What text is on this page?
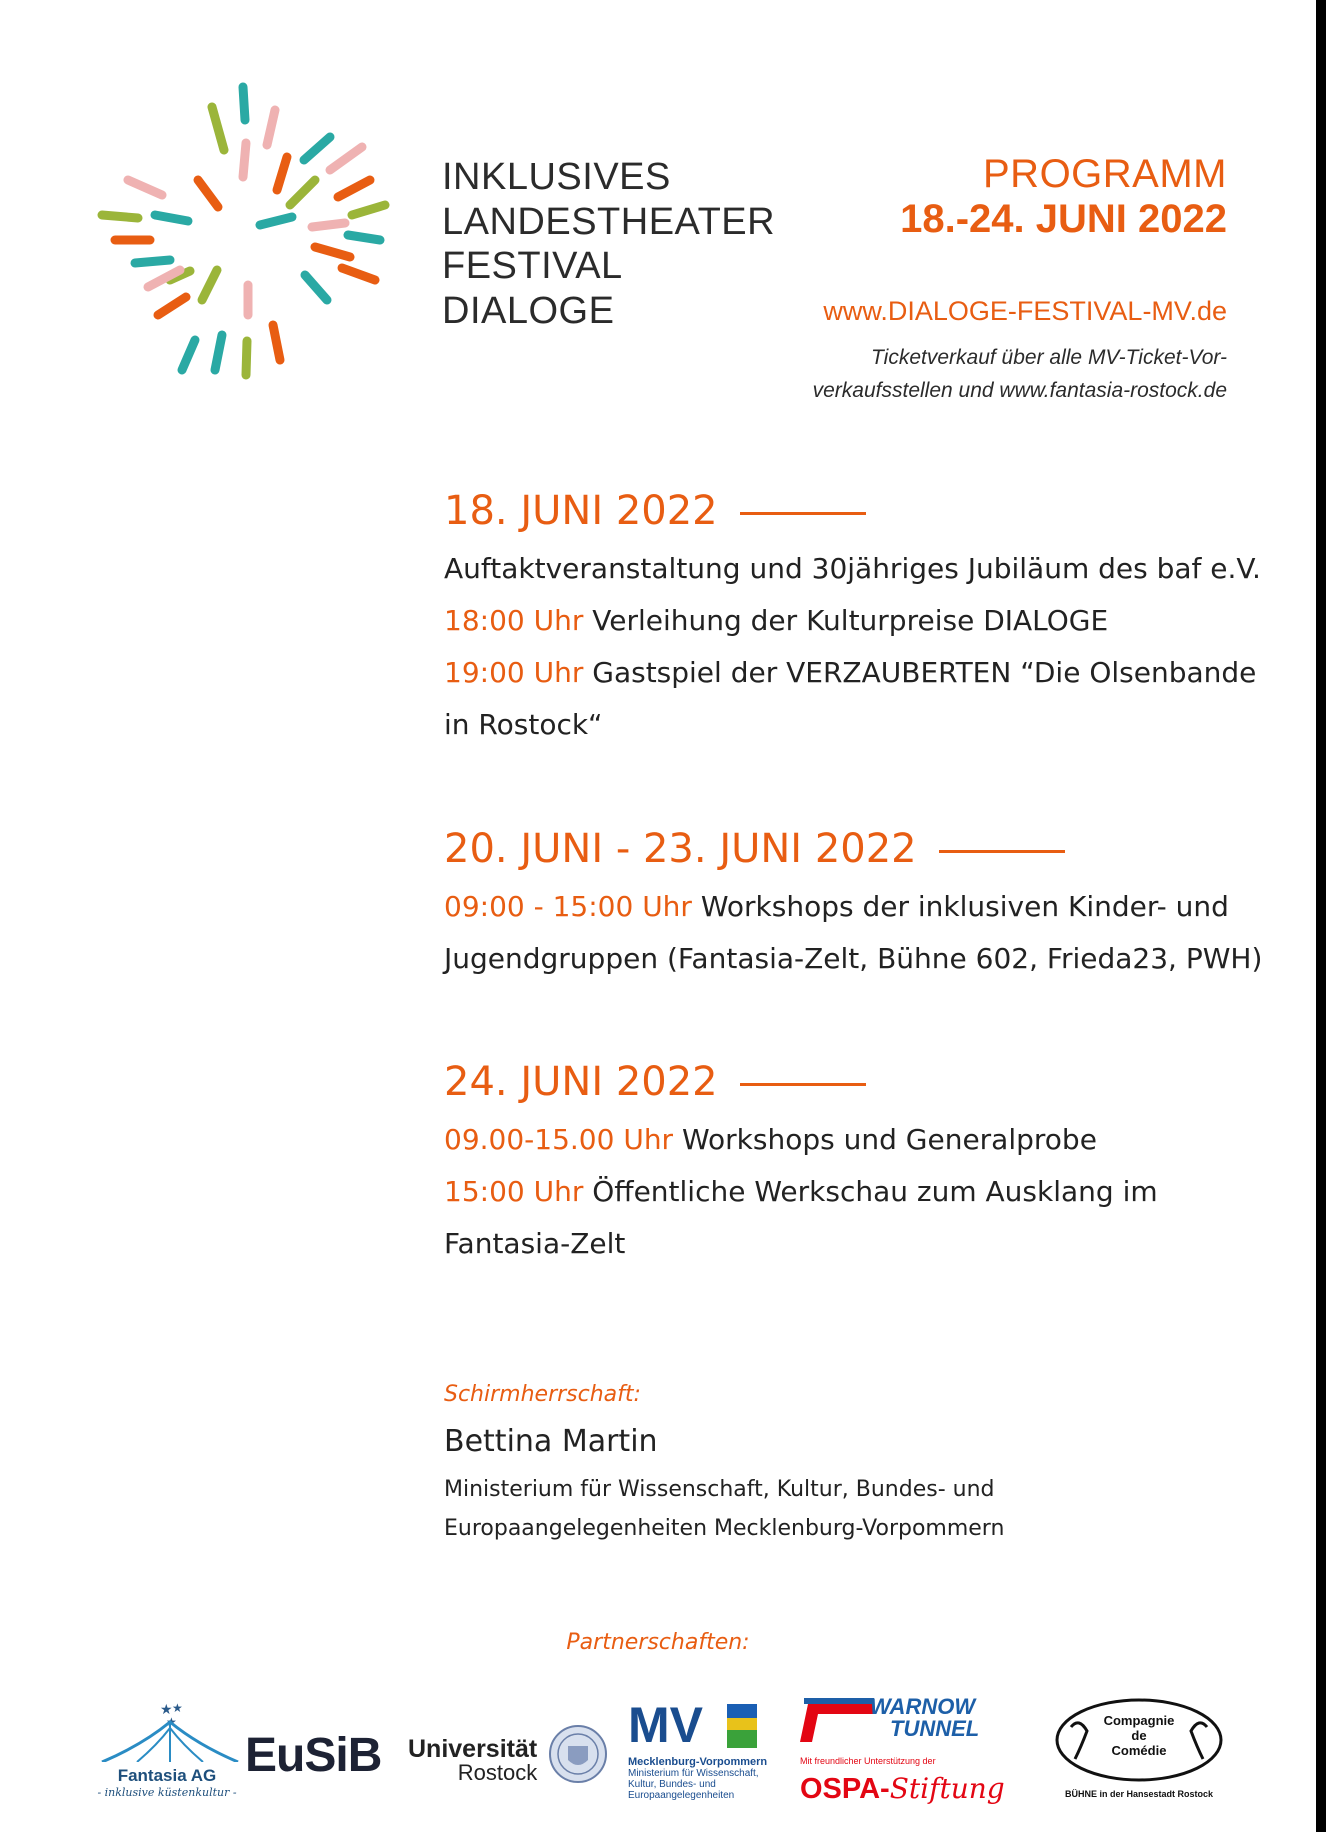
INKLUSIVES
LANDESTHEATER
FESTIVAL
DIALOGE
PROGRAMM
18.-24. JUNI 2022
www.DIALOGE-FESTIVAL-MV.de
Ticketverkauf über alle MV-Ticket-Vor-
verkaufsstellen und www.fantasia-rostock.de
18. JUNI 2022
Auftaktveranstaltung und 30jähriges Jubiläum des baf e.V.
18:00 Uhr Verleihung der Kulturpreise DIALOGE
19:00 Uhr Gastspiel der VERZAUBERTEN “Die Olsenbande
in Rostock“
20. JUNI - 23. JUNI 2022
09:00 - 15:00 Uhr Workshops der inklusiven Kinder- und
Jugendgruppen (Fantasia-Zelt, Bühne 602, Frieda23, PWH)
24. JUNI 2022
09.00-15.00 Uhr Workshops und Generalprobe
15:00 Uhr Öffentliche Werkschau zum Ausklang im
Fantasia-Zelt
Schirmherrschaft:
Bettina Martin
Ministerium für Wissenschaft, Kultur, Bundes- und
Europaangelegenheiten Mecklenburg-Vorpommern
Partnerschaften:
★ ★
★
Fantasia AG
- inklusive küstenkultur -
EuSiB Universität
Rostock
MV
Mecklenburg-Vorpommern
Ministerium für Wissenschaft,
Kultur, Bundes- und
Europaangelegenheiten
WARNOW
TUNNEL
Mit freundlicher Unterstützung der
OSPA-Stiftung
Compagnie
de
Comédie
BÜHNE in der Hansestadt Rostock
